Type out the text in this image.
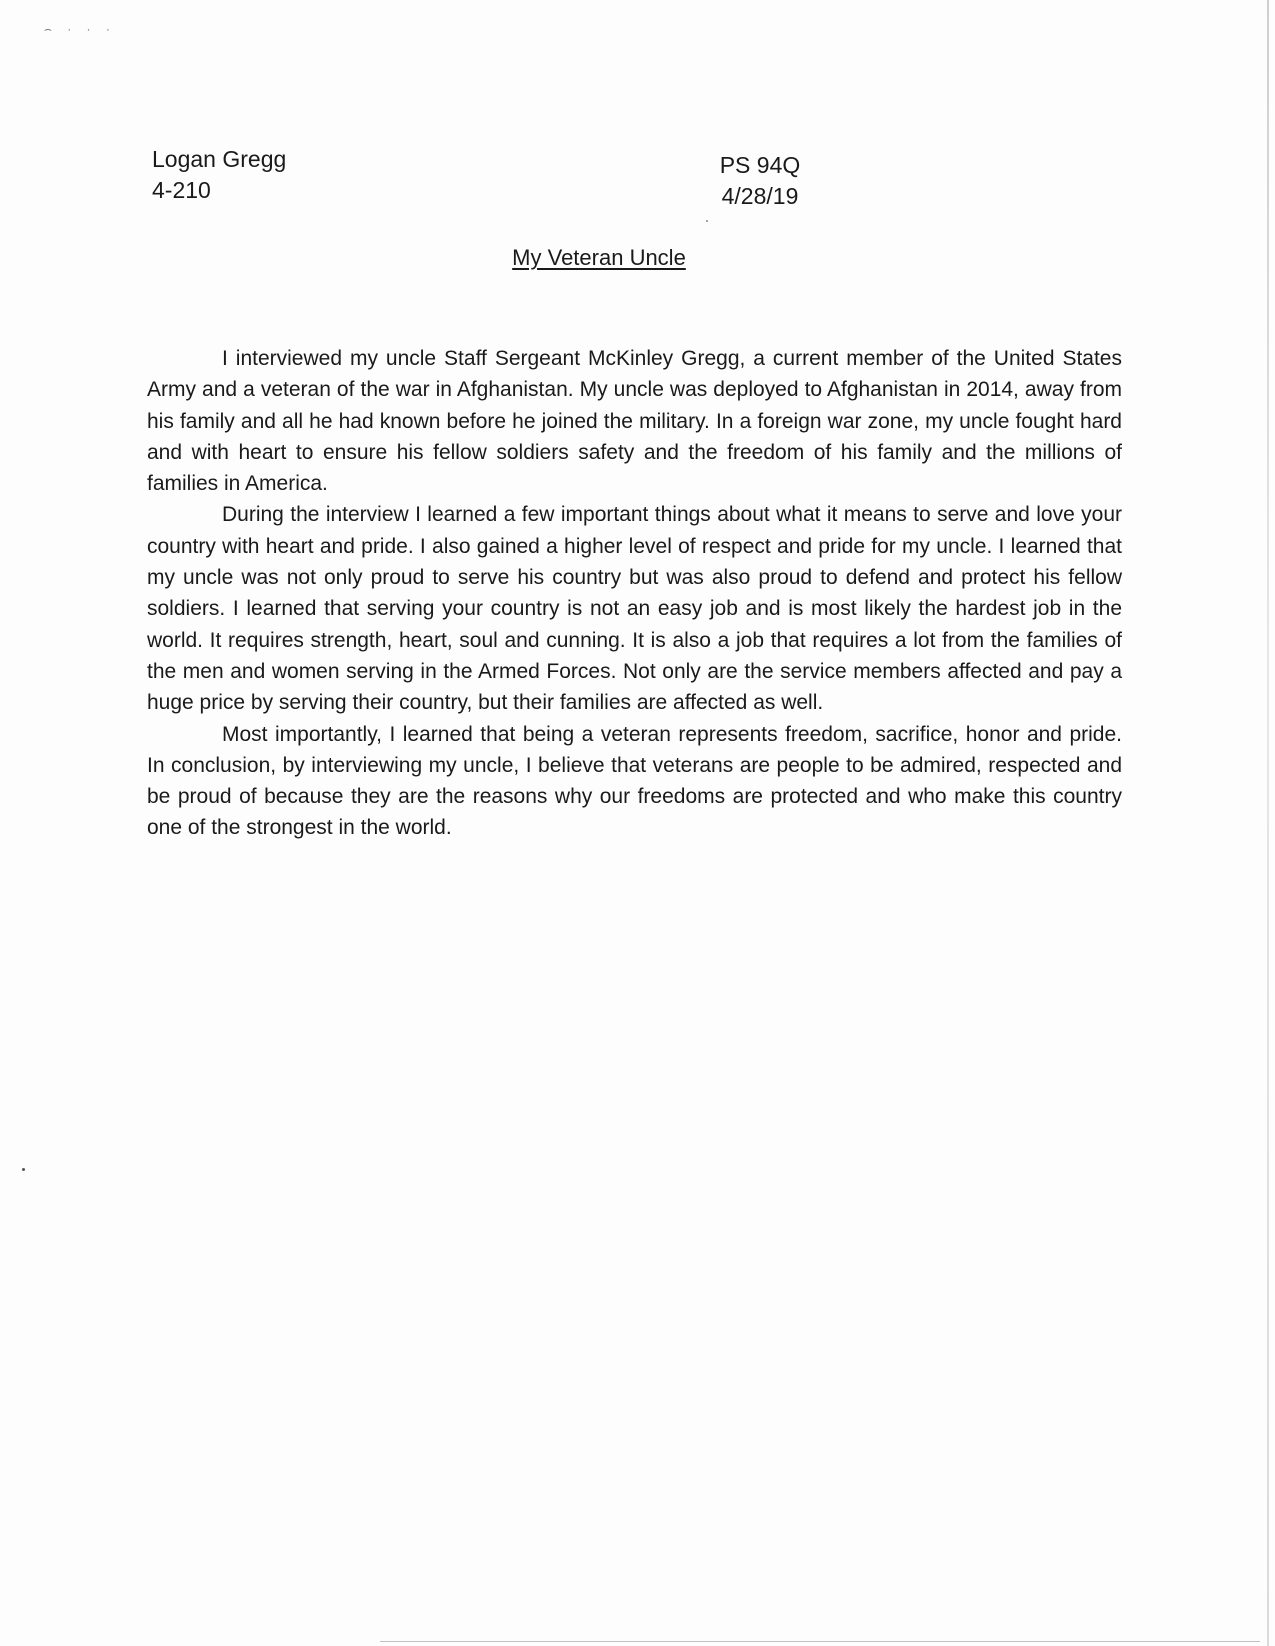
⌢ · · ·
Logan Gregg
4-210
PS 94Q
4/28/19
My Veteran Uncle

I interviewed my uncle Staff Sergeant McKinley Gregg, a current member of the United States Army and a veteran of the war in Afghanistan. My uncle was deployed to Afghanistan in 2014, away from his family and all he had known before he joined the military. In a foreign war zone, my uncle fought hard and with heart to ensure his fellow soldiers safety and the freedom of his family and the millions of families in America.

During the interview I learned a few important things about what it means to serve and love your country with heart and pride. I also gained a higher level of respect and pride for my uncle. I learned that my uncle was not only proud to serve his country but was also proud to defend and protect his fellow soldiers. I learned that serving your country is not an easy job and is most likely the hardest job in the world. It requires strength, heart, soul and cunning. It is also a job that requires a lot from the families of the men and women serving in the Armed Forces. Not only are the service members affected and pay a huge price by serving their country, but their families are affected as well.

Most importantly, I learned that being a veteran represents freedom, sacrifice, honor and pride. In conclusion, by interviewing my uncle, I believe that veterans are people to be admired, respected and be proud of because they are the reasons why our freedoms are protected and who make this country one of the strongest in the world.
